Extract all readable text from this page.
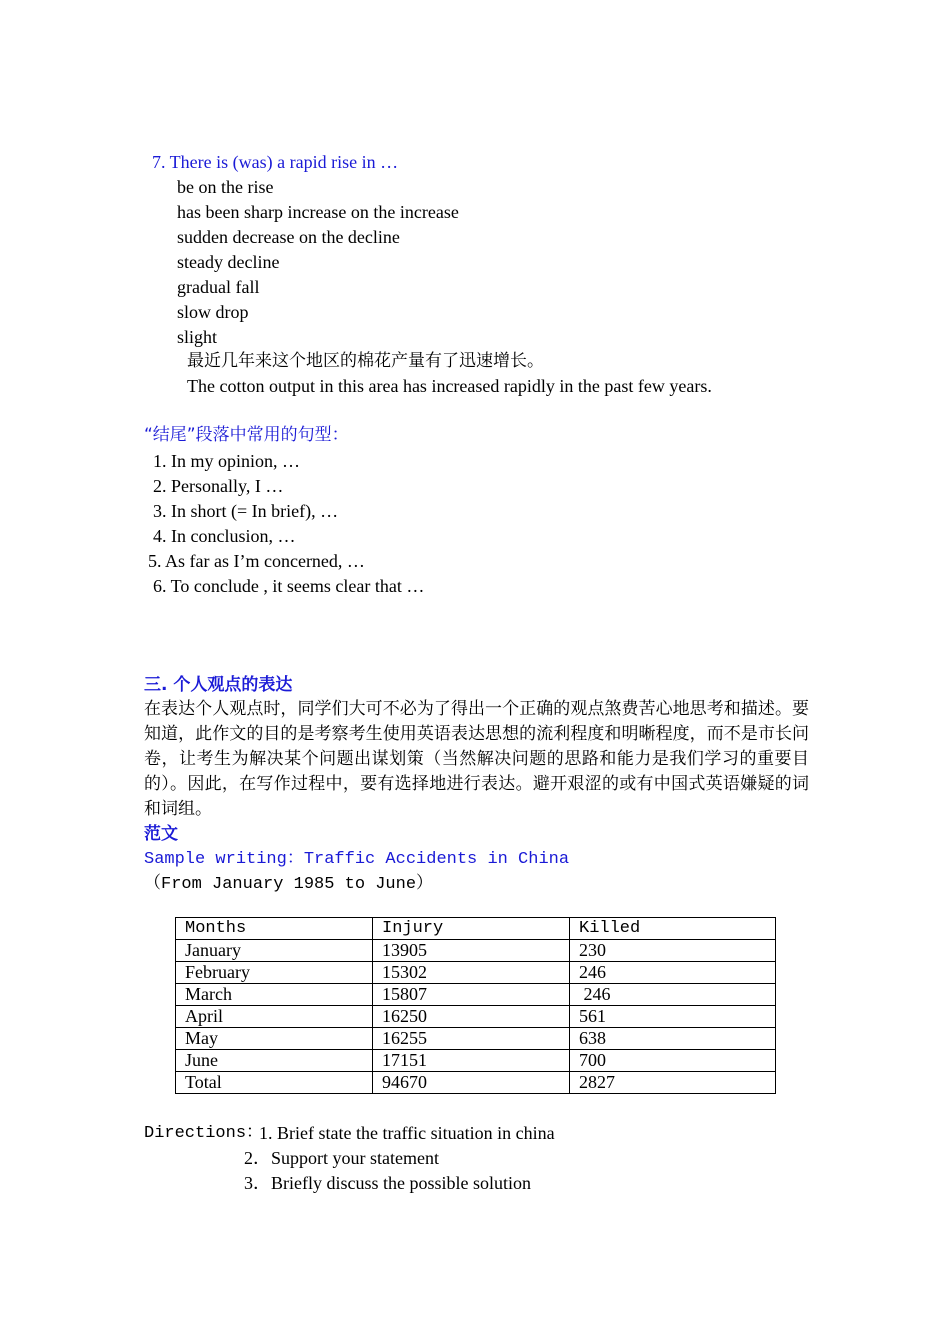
7. There is (was) a rapid rise in …
be on the rise
has been sharp increase on the increase
sudden decrease on the decline
steady decline
gradual fall
slow drop
slight
最近几年来这个地区的棉花产量有了迅速增长。
The cotton output in this area has increased rapidly in the past few years.
“结尾”段落中常用的句型：
1. In my opinion, …
2. Personally, I …
3. In short (= In brief), …
4. In conclusion, …
5. As far as I’m concerned, …
6. To conclude , it seems clear that …
三. 个人观点的表达
在表达个人观点时，同学们大可不必为了得出一个正确的观点煞费苦心地思考和描述。要知道，此作文的目的是考察考生使用英语表达思想的流利程度和明晰程度，而不是市长问卷，让考生为解决某个问题出谋划策（当然解决问题的思路和能力是我们学习的重要目的）。因此，在写作过程中，要有选择地进行表达。避开艰涩的或有中国式英语嫌疑的词和词组。
范文
Sample writing：Traffic Accidents in China
（From January 1985 to June）
Months	Injury	Killed
January	13905	230
February	15302	246
March	15807	246
April	16250	561
May	16255	638
June	17151	700
Total	94670	2827
Directions：
1. Brief state the traffic situation in china
2．Support your statement
3．Briefly discuss the possible solution
